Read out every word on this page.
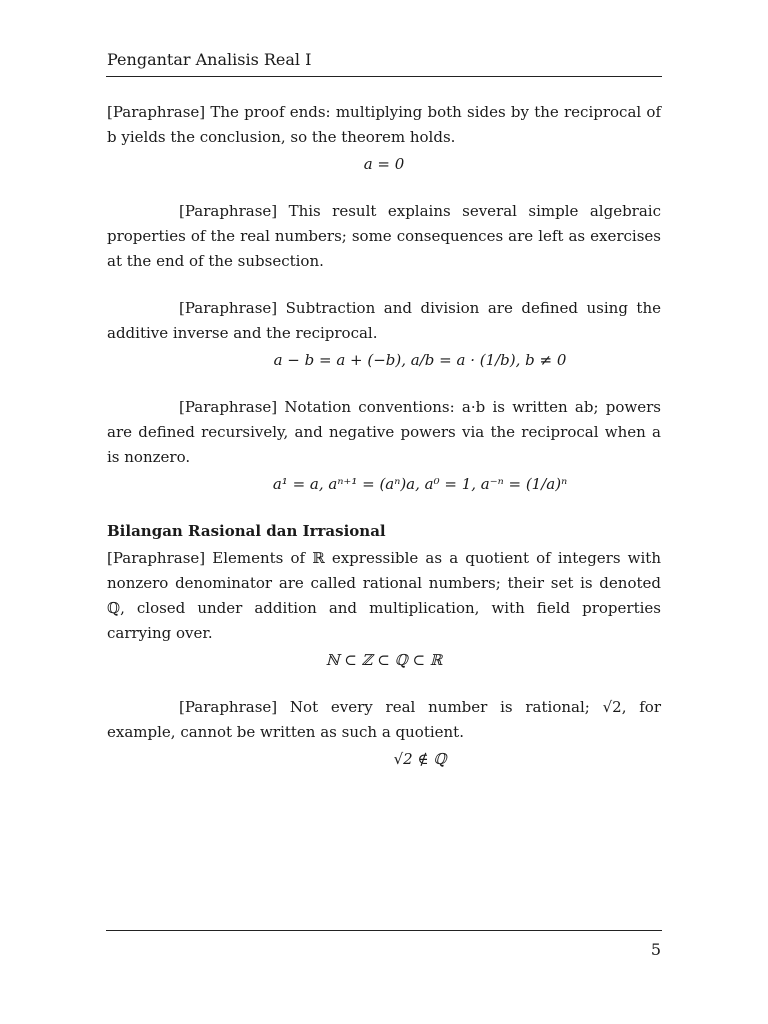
Pengantar Analisis Real I

[Paraphrase] The proof ends: multiplying both sides by the reciprocal of b yields the conclusion, so the theorem holds.
a = 0

[Paraphrase] This result explains several simple algebraic properties of the real numbers; some consequences are left as exercises at the end of the subsection.

[Paraphrase] Subtraction and division are defined using the additive inverse and the reciprocal.
a − b = a + (−b), a/b = a · (1/b), b ≠ 0

[Paraphrase] Notation conventions: a·b is written ab; powers are defined recursively, and negative powers via the reciprocal when a is nonzero.
a¹ = a, aⁿ⁺¹ = (aⁿ)a, a⁰ = 1, a⁻ⁿ = (1/a)ⁿ

Bilangan Rasional dan Irrasional

[Paraphrase] Elements of ℝ expressible as a quotient of integers with nonzero denominator are called rational numbers; their set is denoted ℚ, closed under addition and multiplication, with field properties carrying over.
ℕ ⊂ ℤ ⊂ ℚ ⊂ ℝ

[Paraphrase] Not every real number is rational; √2, for example, cannot be written as such a quotient.
√2 ∉ ℚ

5
